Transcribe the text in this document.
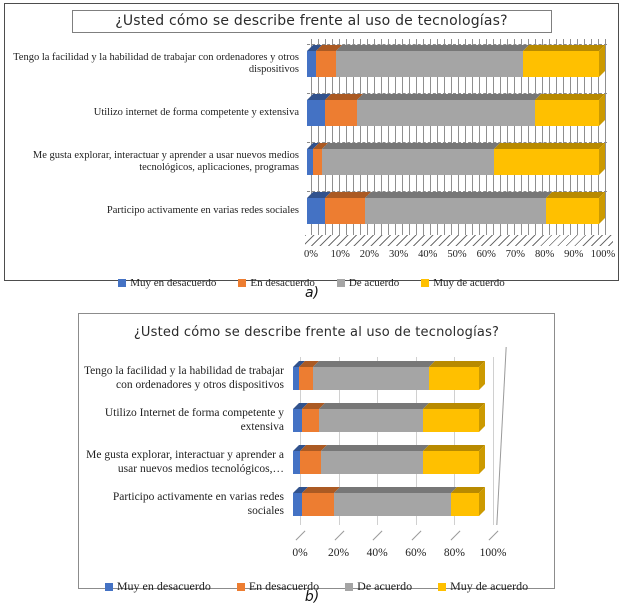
¿Usted cómo se describe frente al uso de tecnologías?
Tengo la facilidad y la habilidad de trabajar con ordenadores y otros dispositivos
Utilizo internet de forma competente y extensiva
Me gusta explorar, interactuar y aprender a usar nuevos medios tecnológicos, aplicaciones, programas
Participo activamente en varias redes sociales
0% 10% 20% 30% 40% 50% 60% 70% 80% 90% 100%
Muy en desacuerdo	En desacuerdo	De acuerdo	Muy de acuerdo
a)
¿Usted cómo se describe frente al uso de tecnologías?
Tengo la facilidad y la habilidad de trabajar con ordenadores y otros dispositivos
Utilizo Internet de forma competente y extensiva
Me gusta explorar, interactuar y aprender a usar nuevos medios tecnológicos,…
Participo activamente en varias redes sociales
0% 20% 40% 60% 80% 100%
Muy en desacuerdo	En desacuerdo	De acuerdo	Muy de acuerdo
b)
